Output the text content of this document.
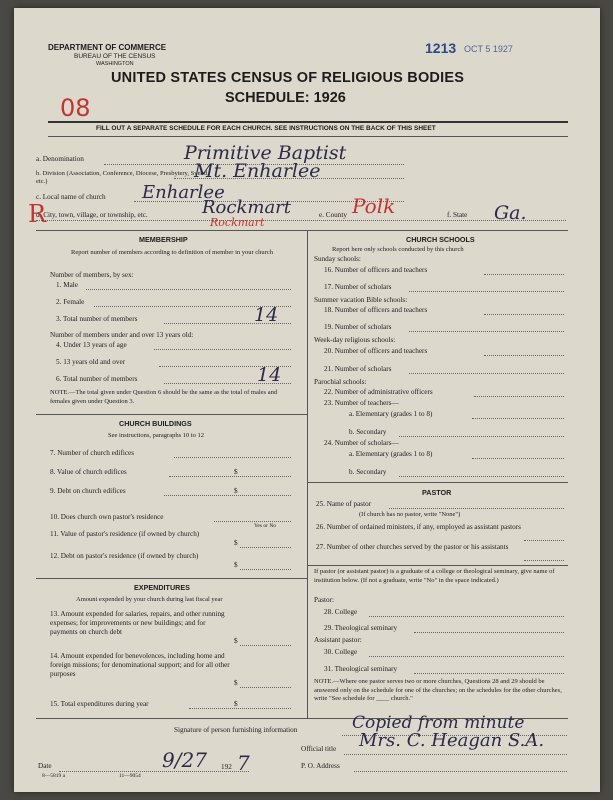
DEPARTMENT OF COMMERCE
BUREAU OF THE CENSUS
WASHINGTON
1213 OCT 5 1927
UNITED STATES CENSUS OF RELIGIOUS BODIES
SCHEDULE: 1926
08
FILL OUT A SEPARATE SCHEDULE FOR EACH CHURCH. SEE INSTRUCTIONS ON THE BACK OF THIS SHEET
a. Denomination	Primitive Baptist
b. Division (Association, Conference, Diocese, Presbytery, Synod, etc.)	Mt. Enharlee
c. Local name of church Enharlee
d. City, town, village, or township, etc.	e. County	f. State
Rockmart	Polk	Ga.
R	Rockmart
MEMBERSHIP
Report number of members according to definition of member in your church
Number of members, by sex:
1. Male
2. Female
3. Total number of members	14
Number of members under and over 13 years old:
4. Under 13 years of age
5. 13 years old and over
6. Total number of members	14
NOTE.—The total given under Question 6 should be the same as the total of males and females given under Question 3.
CHURCH BUILDINGS
See instructions, paragraphs 10 to 12
7. Number of church edifices
8. Value of church edifices	$
9. Debt on church edifices	$
10. Does church own pastor's residence
Yes or No
11. Value of pastor's residence (if owned by church)
$
12. Debt on pastor's residence (if owned by church)
$
EXPENDITURES
Amount expended by your church during last fiscal year
13. Amount expended for salaries, repairs, and other running expenses; for improvements or new buildings; and for payments on church debt
$
14. Amount expended for benevolences, including home and foreign missions; for denominational support; and for all other purposes
$
15. Total expenditures during year	$
CHURCH SCHOOLS
Report here only schools conducted by this church
Sunday schools:
16. Number of officers and teachers
17. Number of scholars
Summer vacation Bible schools:
18. Number of officers and teachers
19. Number of scholars
Week-day religious schools:
20. Number of officers and teachers
21. Number of scholars
Parochial schools:
22. Number of administrative officers
23. Number of teachers—
a. Elementary (grades 1 to 8)
b. Secondary
24. Number of scholars—
a. Elementary (grades 1 to 8)
b. Secondary
PASTOR
25. Name of pastor
(If church has no pastor, write "None")
26. Number of ordained ministers, if any, employed as assistant pastors
27. Number of other churches served by the pastor or his assistants
If pastor (or assistant pastor) is a graduate of a college or theological seminary, give name of institution below. (If not a graduate, write "No" in the space indicated.)
Pastor:
28. College
29. Theological seminary
Assistant pastor:
30. College
31. Theological seminary
NOTE.—Where one pastor serves two or more churches, Questions 28 and 29 should be answered only on the schedule for one of the churches; on the schedules for the other churches, write "See schedule for ____ church."
Signature of person furnishing information	Copied from minute
Official title Mrs. C. Heagan S.A.
Date	9/27 192 7	P. O. Address
8—5819 a	11—9054
